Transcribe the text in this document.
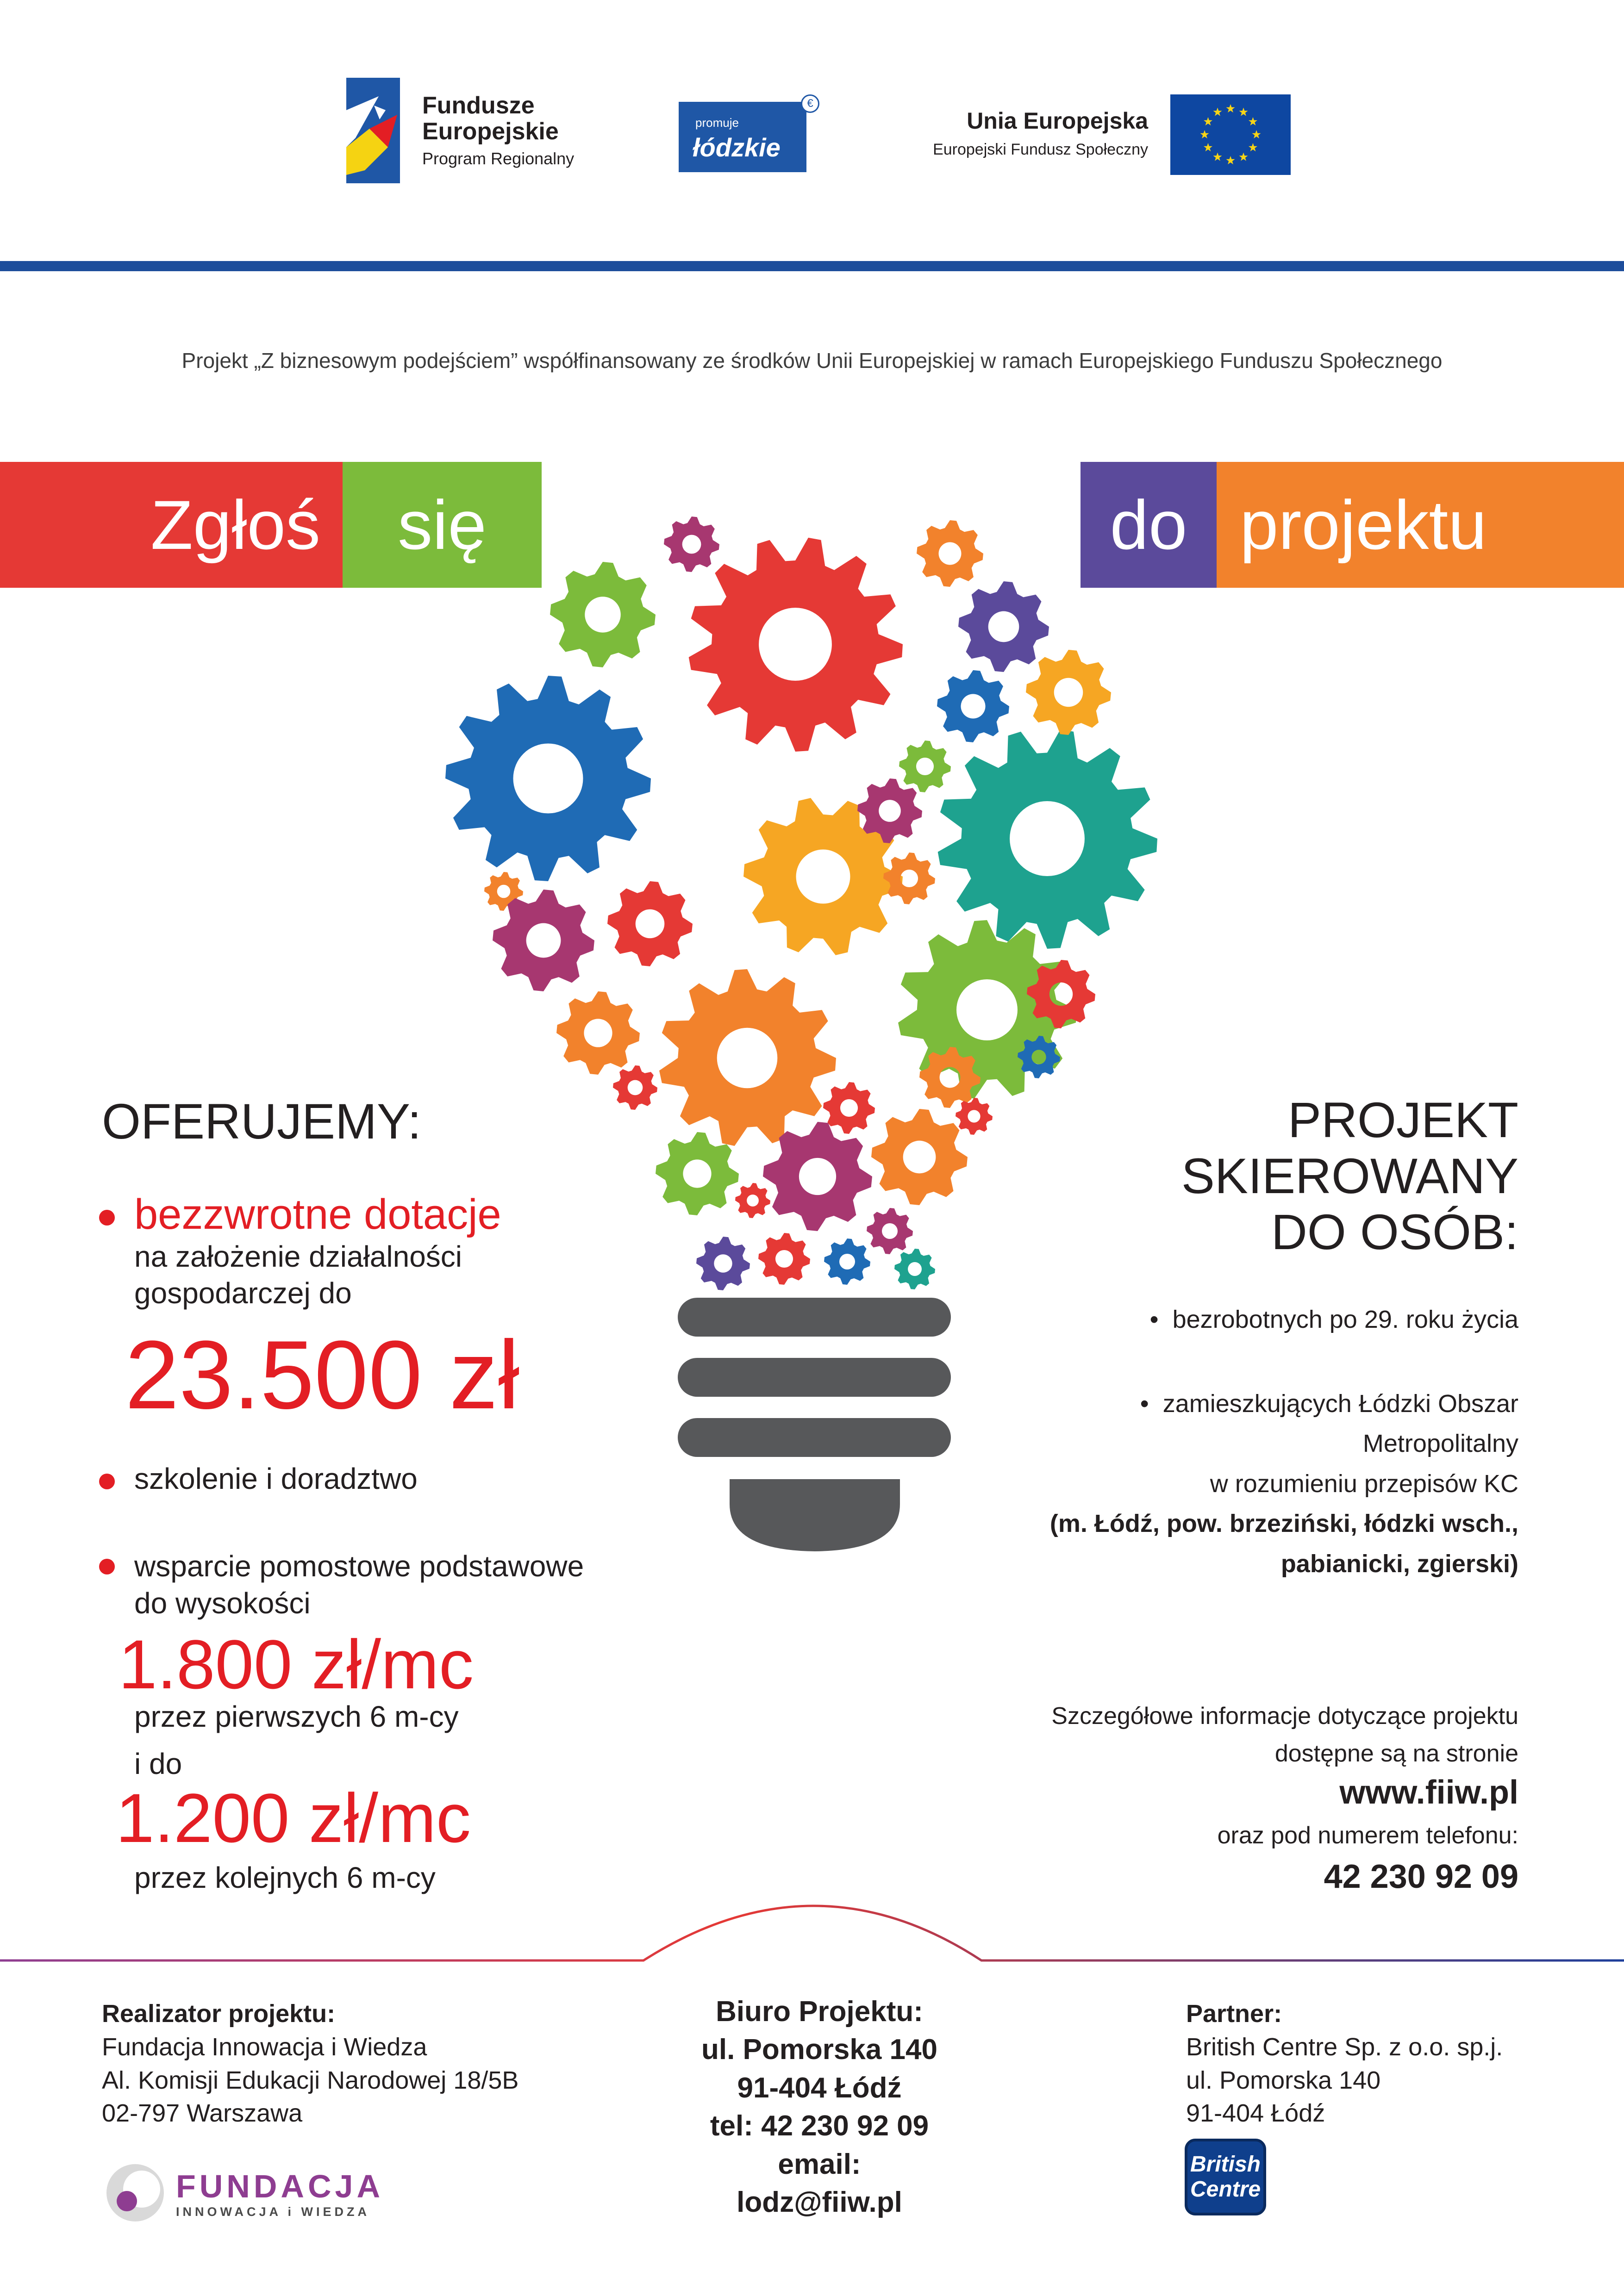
Fundusze
Europejskie
Program Regionalny
promuje
łódzkie
€
Unia Europejska
Europejski Fundusz Społeczny
Projekt „Z biznesowym podejściem” współfinansowany ze środków Unii Europejskiej w ramach Europejskiego Funduszu Społecznego
Zgłoś	się	do projektu
OFERUJEMY:
bezzwrotne dotacje
na założenie działalności
gospodarczej do
23.500 zł
szkolenie i doradztwo
wsparcie pomostowe podstawowe
do wysokości
1.800 zł/mc
przez pierwszych 6 m-cy
i do
1.200 zł/mc
przez kolejnych 6 m-cy
PROJEKT
SKIEROWANY
DO OSÓB:
•  bezrobotnych po 29. roku życia
•  zamieszkujących Łódzki Obszar
Metropolitalny
w rozumieniu przepisów KC
(m. Łódź, pow. brzeziński, łódzki wsch.,
pabianicki, zgierski)
Szczegółowe informacje dotyczące projektu
dostępne są na stronie
www.fiiw.pl
oraz pod numerem telefonu:
42 230 92 09
Realizator projektu:
Fundacja Innowacja i Wiedza
Al. Komisji Edukacji Narodowej 18/5B
02-797 Warszawa
Biuro Projektu:
ul. Pomorska 140
91-404 Łódź
tel: 42 230 92 09
email:
lodz@fiiw.pl
Partner:
British Centre Sp. z o.o. sp.j.
ul. Pomorska 140
91-404 Łódź
FUNDACJA
INNOWACJA i WIEDZA
British
Centre
